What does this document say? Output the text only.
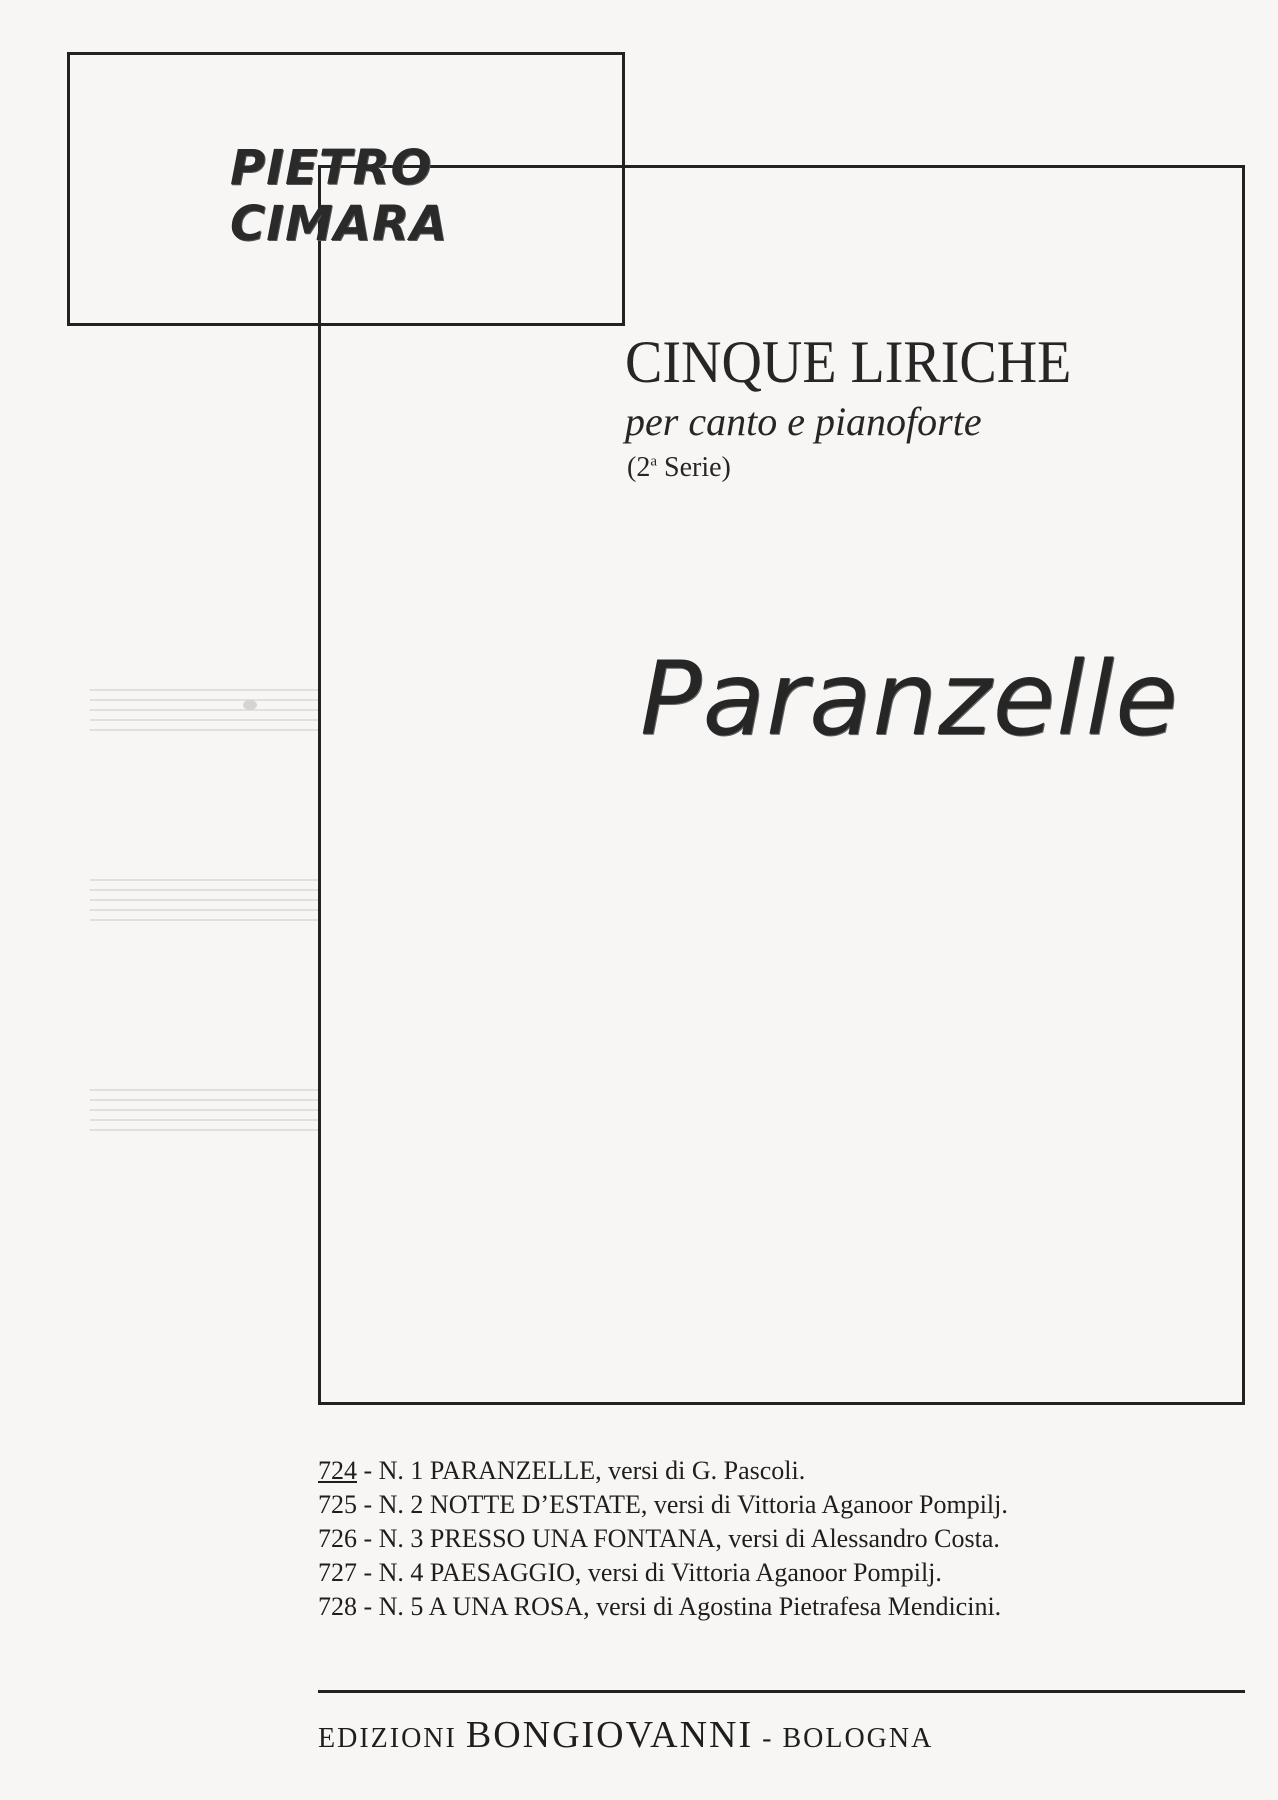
PIETRO
CIMARA
CINQUE LIRICHE
per canto e pianoforte
(2$^a$ Serie)
Paranzelle
724 - N. 1 PARANZELLE, versi di G. Pascoli.
725 - N. 2 NOTTE D’ESTATE, versi di Vittoria Aganoor Pompilj.
726 - N. 3 PRESSO UNA FONTANA, versi di Alessandro Costa.
727 - N. 4 PAESAGGIO, versi di Vittoria Aganoor Pompilj.
728 - N. 5 A UNA ROSA, versi di Agostina Pietrafesa Mendicini.
EDIZIONI BONGIOVANNI - BOLOGNA
